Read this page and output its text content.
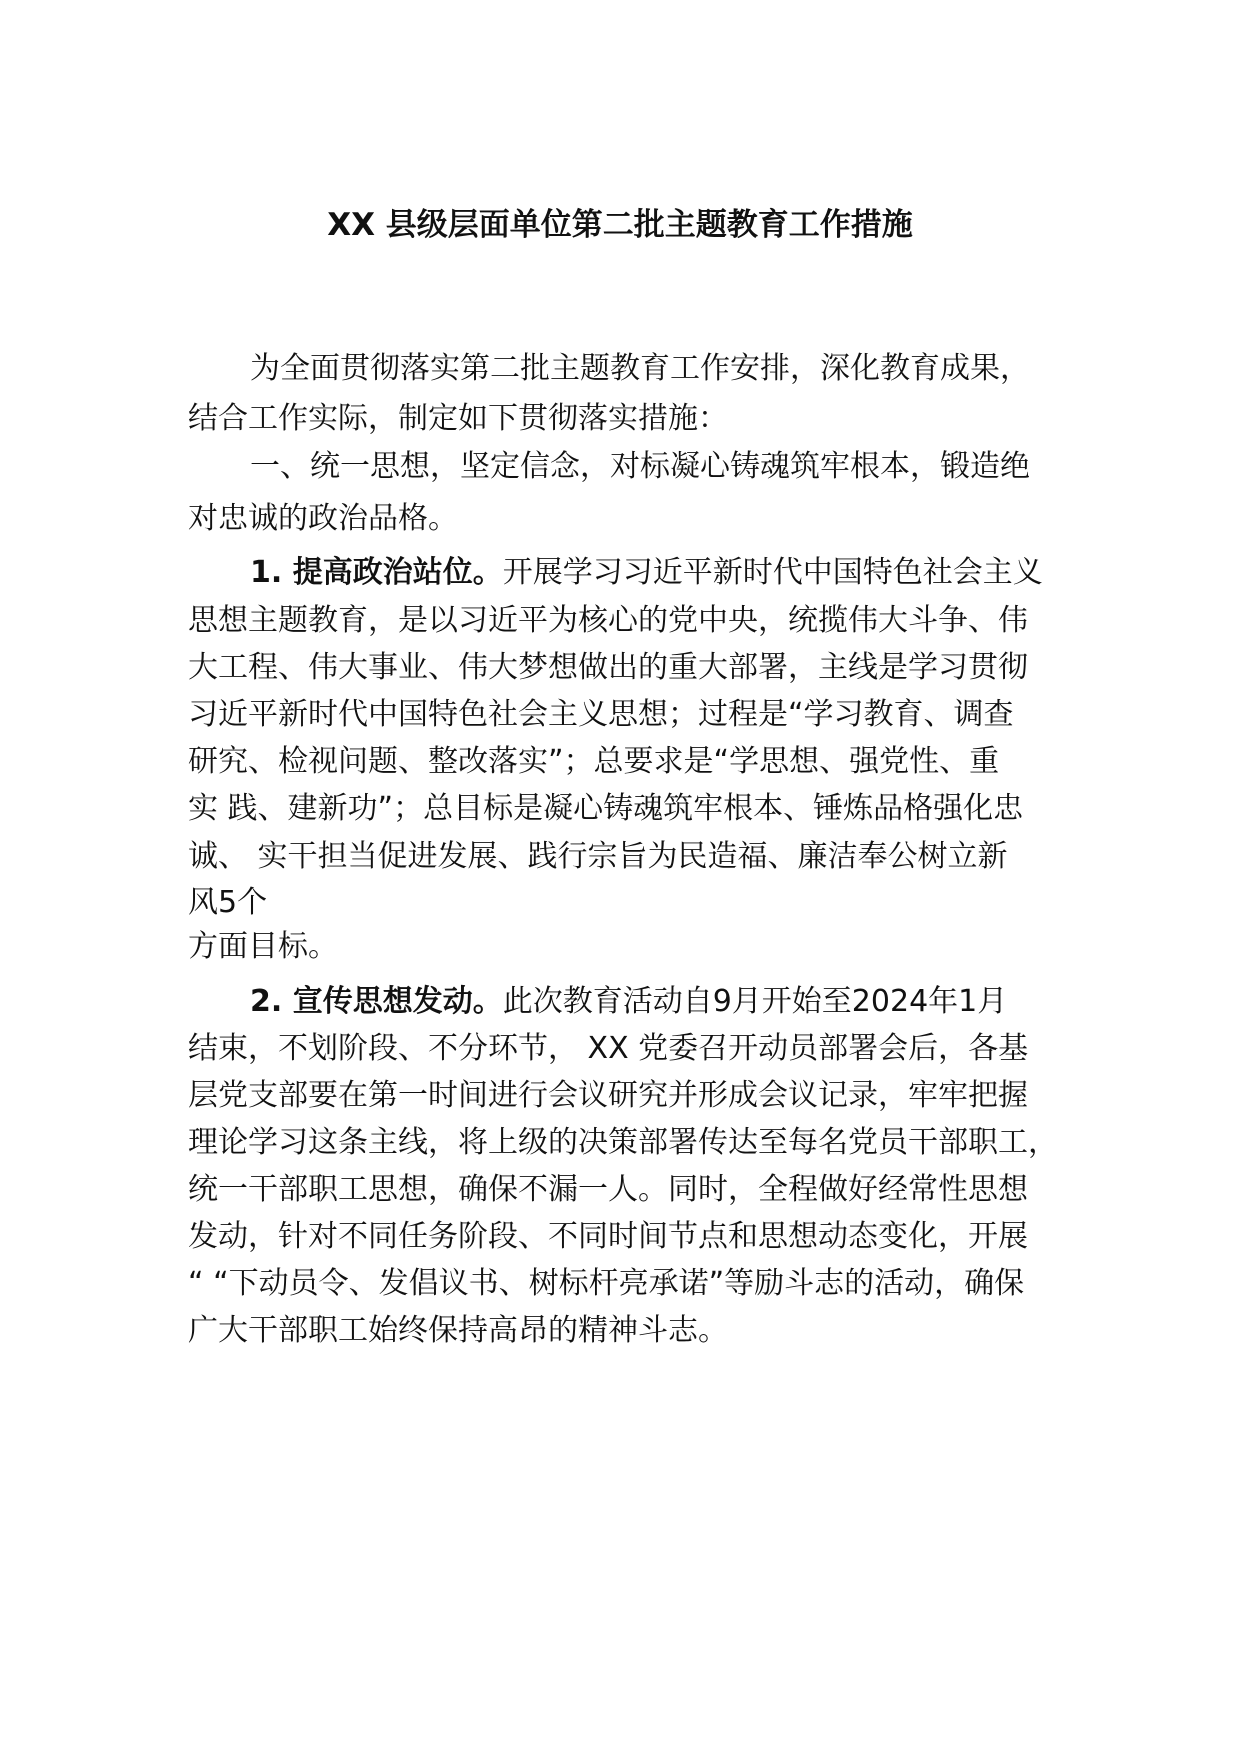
XX 县级层面单位第二批主题教育工作措施
为全面贯彻落实第二批主题教育工作安排，深化教育成果，
结合工作实际，制定如下贯彻落实措施：
一、统一思想，坚定信念，对标凝心铸魂筑牢根本，锻造绝
对忠诚的政治品格。
1. 提高政治站位。开展学习习近平新时代中国特色社会主义
思想主题教育，是以习近平为核心的党中央，统揽伟大斗争、伟
大工程、伟大事业、伟大梦想做出的重大部署，主线是学习贯彻
习近平新时代中国特色社会主义思想；过程是“学习教育、调查
研究、检视问题、整改落实”；总要求是“学思想、强党性、重
实 践、建新功”；总目标是凝心铸魂筑牢根本、锤炼品格强化忠
诚、 实干担当促进发展、践行宗旨为民造福、廉洁奉公树立新
风5个
方面目标。
2. 宣传思想发动。此次教育活动自9月开始至2024年1月
结束，不划阶段、不分环节， XX 党委召开动员部署会后，各基
层党支部要在第一时间进行会议研究并形成会议记录，牢牢把握
理论学习这条主线，将上级的决策部署传达至每名党员干部职工，
统一干部职工思想，确保不漏一人。同时，全程做好经常性思想
发动，针对不同任务阶段、不同时间节点和思想动态变化，开展
“ “下动员令、发倡议书、树标杆亮承诺”等励斗志的活动，确保
广大干部职工始终保持高昂的精神斗志。
